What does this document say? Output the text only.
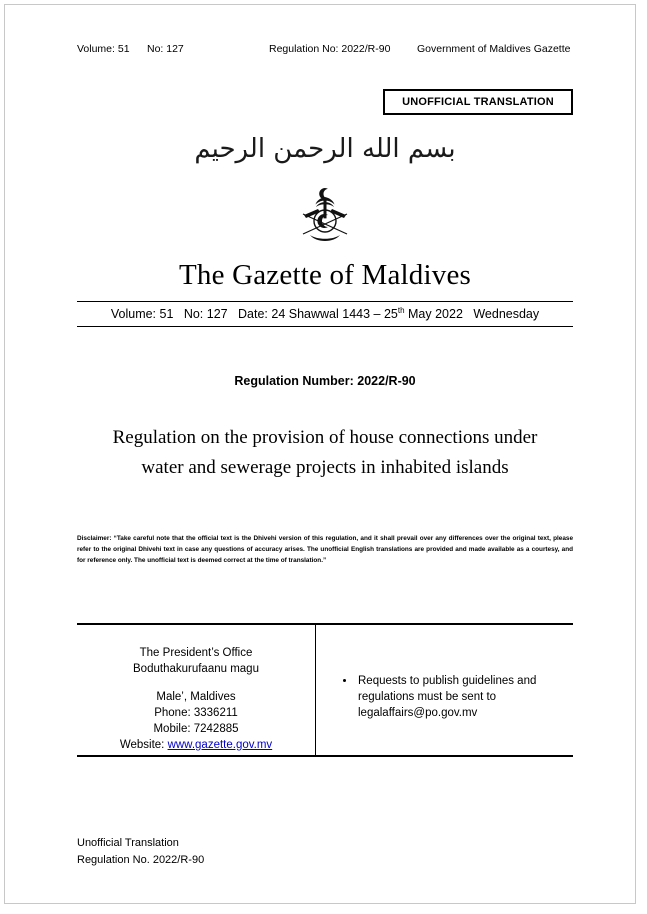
Volume: 51	No: 127	Regulation No: 2022/R-90	Government of Maldives Gazette
UNOFFICIAL TRANSLATION
بسم الله الرحمن الرحيم
The Gazette of Maldives
Volume: 51 No: 127 Date: 24 Shawwal 1443 – 25th May 2022 Wednesday
Regulation Number: 2022/R-90
Regulation on the provision of house connections under
water and sewerage projects in inhabited islands
Disclaimer: “Take careful note that the official text is the Dhivehi version of this regulation, and it shall prevail over any differences over the original text, please refer to the original Dhivehi text in case any questions of accuracy arises. The unofficial English translations are provided and made available as a courtesy, and for reference only. The unofficial text is deemed correct at the time of translation.”
The President’s Office
Boduthakurufaanu magu
Male’, Maldives
Phone: 3336211
Mobile: 7242885
Website: www.gazette.gov.mv
• Requests to publish guidelines and
regulations must be sent to
legalaffairs@po.gov.mv
Unofficial Translation
Regulation No. 2022/R-90
